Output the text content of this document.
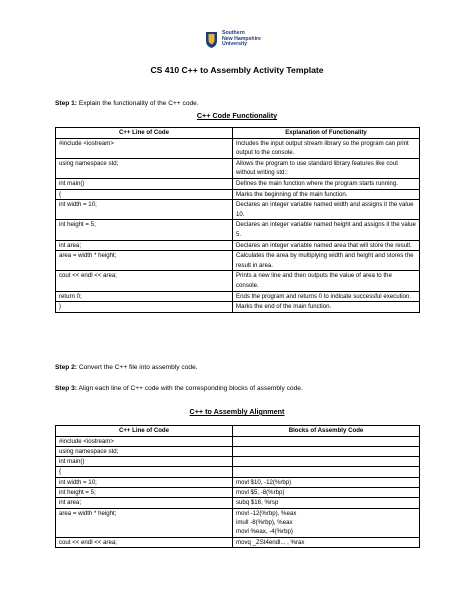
Southern
New Hampshire
University
CS 410 C++ to Assembly Activity Template
Step 1: Explain the functionality of the C++ code.
C++ Code Functionality
C++ Line of Code	Explanation of Functionality
#include <iostream>	Includes the input output stream library so the program can print output to the console.
using namespace std;	Allows the program to use standard library features like cout without writing std::
int main()	Defines the main function where the program starts running.
{	Marks the beginning of the main function.
int width = 10;	Declares an integer variable named width and assigns it the value 10.
int height = 5;	Declares an integer variable named height and assigns it the value 5.
int area;	Declares an integer variable named area that will store the result.
area = width * height;	Calculates the area by multiplying width and height and stores the result in area.
cout << endl << area;	Prints a new line and then outputs the value of area to the console.
return 0;	Ends the program and returns 0 to indicate successful execution.
}	Marks the end of the main function.
Step 2: Convert the C++ file into assembly code.
Step 3: Align each line of C++ code with the corresponding blocks of assembly code.
C++ to Assembly Alignment
C++ Line of Code	Blocks of Assembly Code
#include <iostream>	
using namespace std;	
int main()	
{	
int width = 10;	movl $10, -12(%rbp)
int height = 5;	movl $5, -8(%rbp)
int area;	subq $16, %rsp
area = width * height;	movl -12(%rbp), %eax
imull -8(%rbp), %eax
movl %eax, -4(%rbp)
cout << endl << area;	movq _ZSt4endl... , %rax
